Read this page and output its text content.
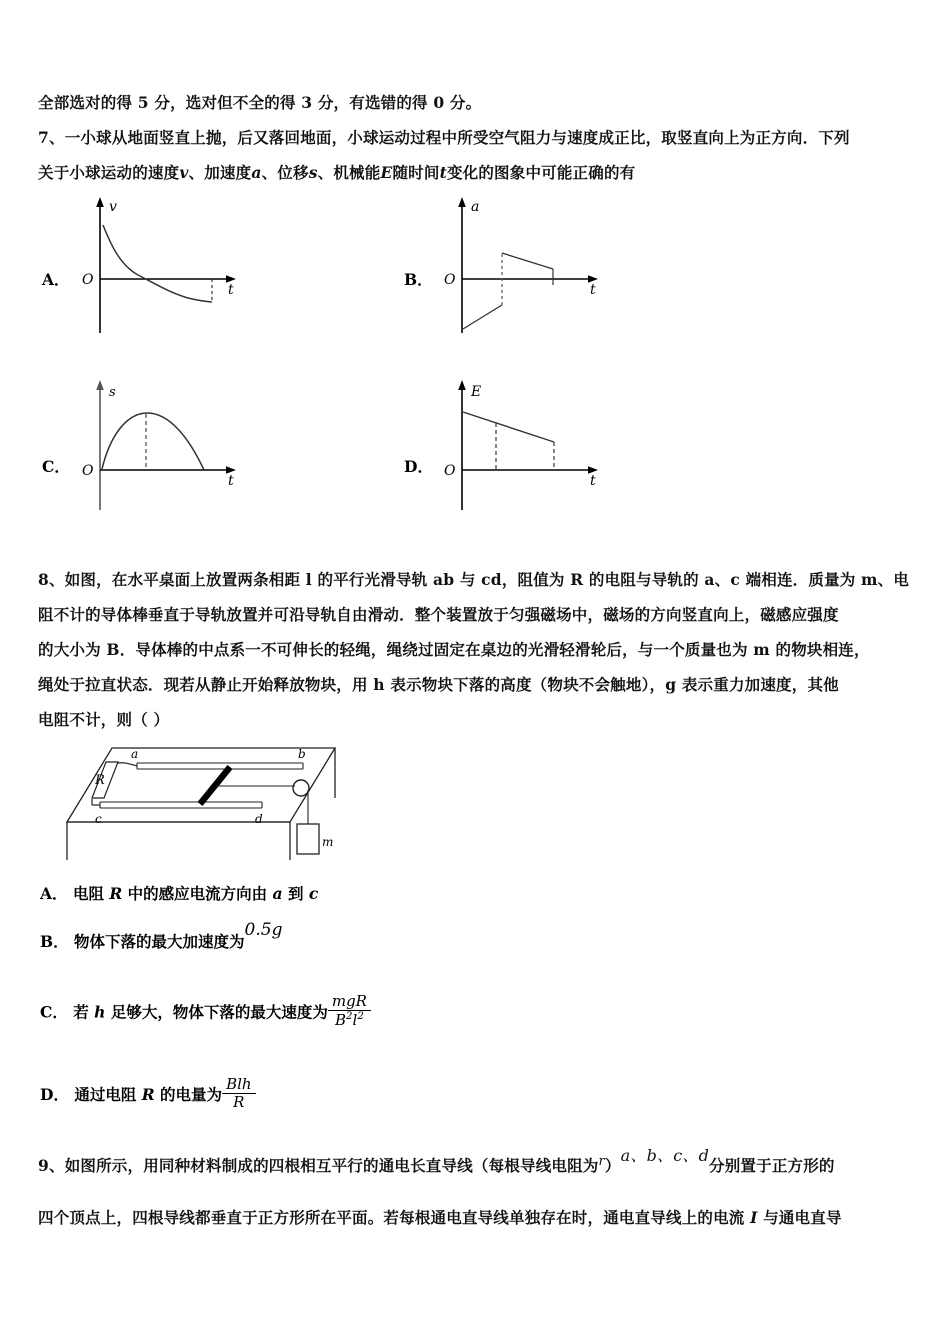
全部选对的得 5 分，选对但不全的得 3 分，有选错的得 0 分。
7、一小球从地面竖直上抛，后又落回地面，小球运动过程中所受空气阻力与速度成正比，取竖直向上为正方向．下列
关于小球运动的速度v、加速度a、位移s、机械能E随时间t变化的图象中可能正确的有
A．
v
t
O	B．
a
t
O
C．
s
t
O	D．
E
t
O
8、如图，在水平桌面上放置两条相距 l 的平行光滑导轨 ab 与 cd，阻值为 R 的电阻与导轨的 a、c 端相连．质量为 m、电
阻不计的导体棒垂直于导轨放置并可沿导轨自由滑动．整个装置放于匀强磁场中，磁场的方向竖直向上，磁感应强度
的大小为 B．导体棒的中点系一不可伸长的轻绳，绳绕过固定在桌边的光滑轻滑轮后，与一个质量也为 m 的物块相连，
绳处于拉直状态．现若从静止开始释放物块，用 h 表示物块下落的高度（物块不会触地），g 表示重力加速度，其他
电阻不计，则（ ）
a	b
c	d
R
m
A． 电阻 R 中的感应电流方向由 a 到 c
B． 物体下落的最大加速度为0.5g
C． 若 h 足够大，物体下落的最大速度为 $\frac{\text{mgR}}{B^2l^2}$
D． 通过电阻 R 的电量为 $\frac{\text{Blh}}{R}$
9、如图所示，用同种材料制成的四根相互平行的通电长直导线（每根导线电阻为$^r$）a、b、c、d分别置于正方形的
四个顶点上，四根导线都垂直于正方形所在平面。若每根通电直导线单独存在时，通电直导线上的电流 I 与通电直导
